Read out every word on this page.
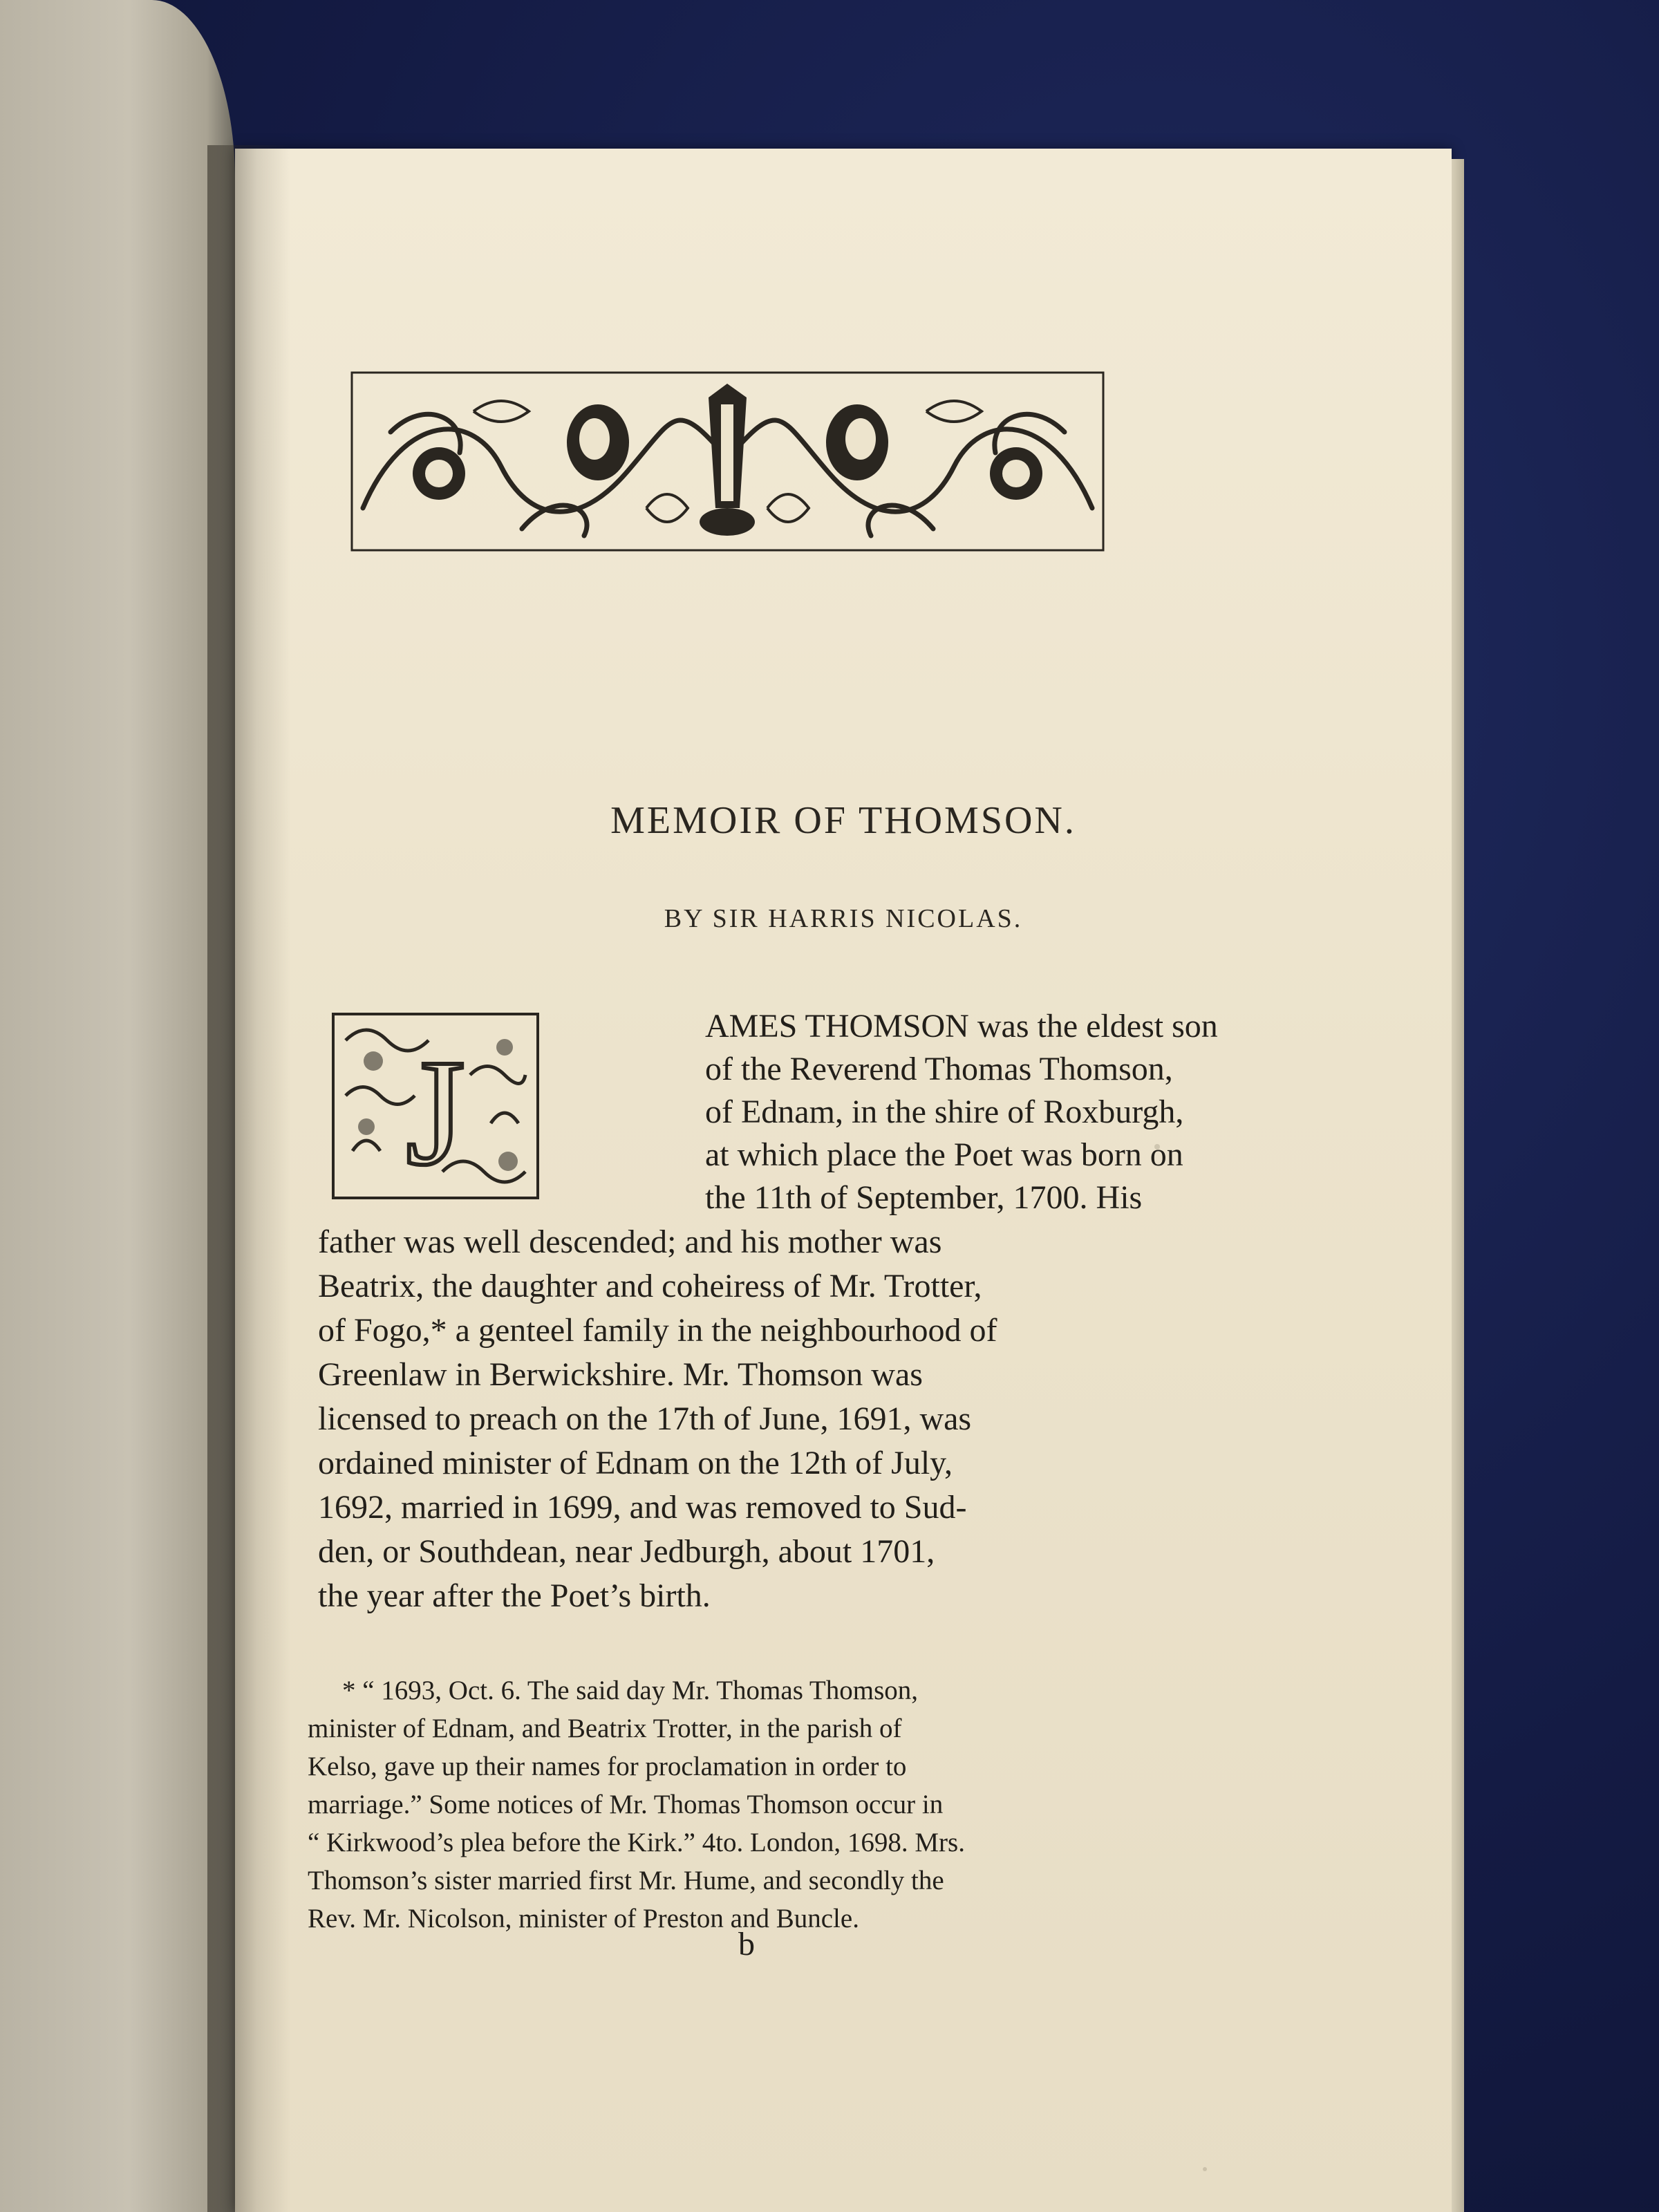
MEMOIR OF THOMSON.
BY SIR HARRIS NICOLAS.
J
AMES THOMSON was the eldest son
of the Reverend Thomas Thomson,
of Ednam, in the shire of Roxburgh,
at which place the Poet was born on
the 11th of September, 1700. His
father was well descended; and his mother was
Beatrix, the daughter and coheiress of Mr. Trotter,
of Fogo,* a genteel family in the neighbourhood of
Greenlaw in Berwickshire. Mr. Thomson was
licensed to preach on the 17th of June, 1691, was
ordained minister of Ednam on the 12th of July,
1692, married in 1699, and was removed to Sud-
den, or Southdean, near Jedburgh, about 1701,
the year after the Poet’s birth.
* “ 1693, Oct. 6. The said day Mr. Thomas Thomson,
minister of Ednam, and Beatrix Trotter, in the parish of
Kelso, gave up their names for proclamation in order to
marriage.” Some notices of Mr. Thomas Thomson occur in
“ Kirkwood’s plea before the Kirk.” 4to. London, 1698. Mrs.
Thomson’s sister married first Mr. Hume, and secondly the
Rev. Mr. Nicolson, minister of Preston and Buncle.
b
